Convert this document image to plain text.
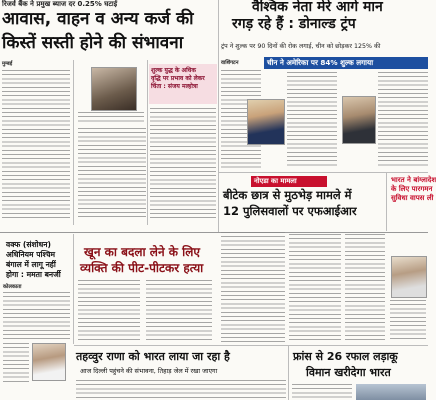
रिजर्व बैंक ने प्रमुख ब्याज दर 0.25% घटाई
आवास, वाहन व अन्य कर्ज की
किस्तें सस्ती होने की संभावना
मुम्बई
शुल्क युद्ध के अधिक
वृद्धि पर प्रभाव को लेकर
चिंता : संजय मल्होत्रा
वैश्विक नेता मेरे आगे मान
रगड़ रहे हैं : डोनाल्ड ट्रंप
ट्रंप ने शुल्क पर 90 दिनों की रोक लगाई, चीन को छोड़कर 125% की
चीन ने अमेरिका पर 84% शुल्क लगाया
वाशिंगटन
नोएडा का मामला
बीटेक छात्र से मुठभेड़ मामले में
12 पुलिसवालों पर एफआईआर
भारत ने बांग्लादेश
के लिए पारगमन
सुविधा वापस ली
वक्फ (संशोधन) अधिनियम पश्चिम बंगाल में लागू नहीं होगा : ममता बनर्जी
कोलकाता
खून का बदला लेने के लिए
व्यक्ति की पीट-पीटकर हत्या
तहव्वुर राणा को भारत लाया जा रहा है
आज दिल्ली पहुंचने की संभावना, तिहाड़ जेल में रखा जाएगा
फ्रांस से 26 रफाल लड़ाकू
विमान खरीदेगा भारत
